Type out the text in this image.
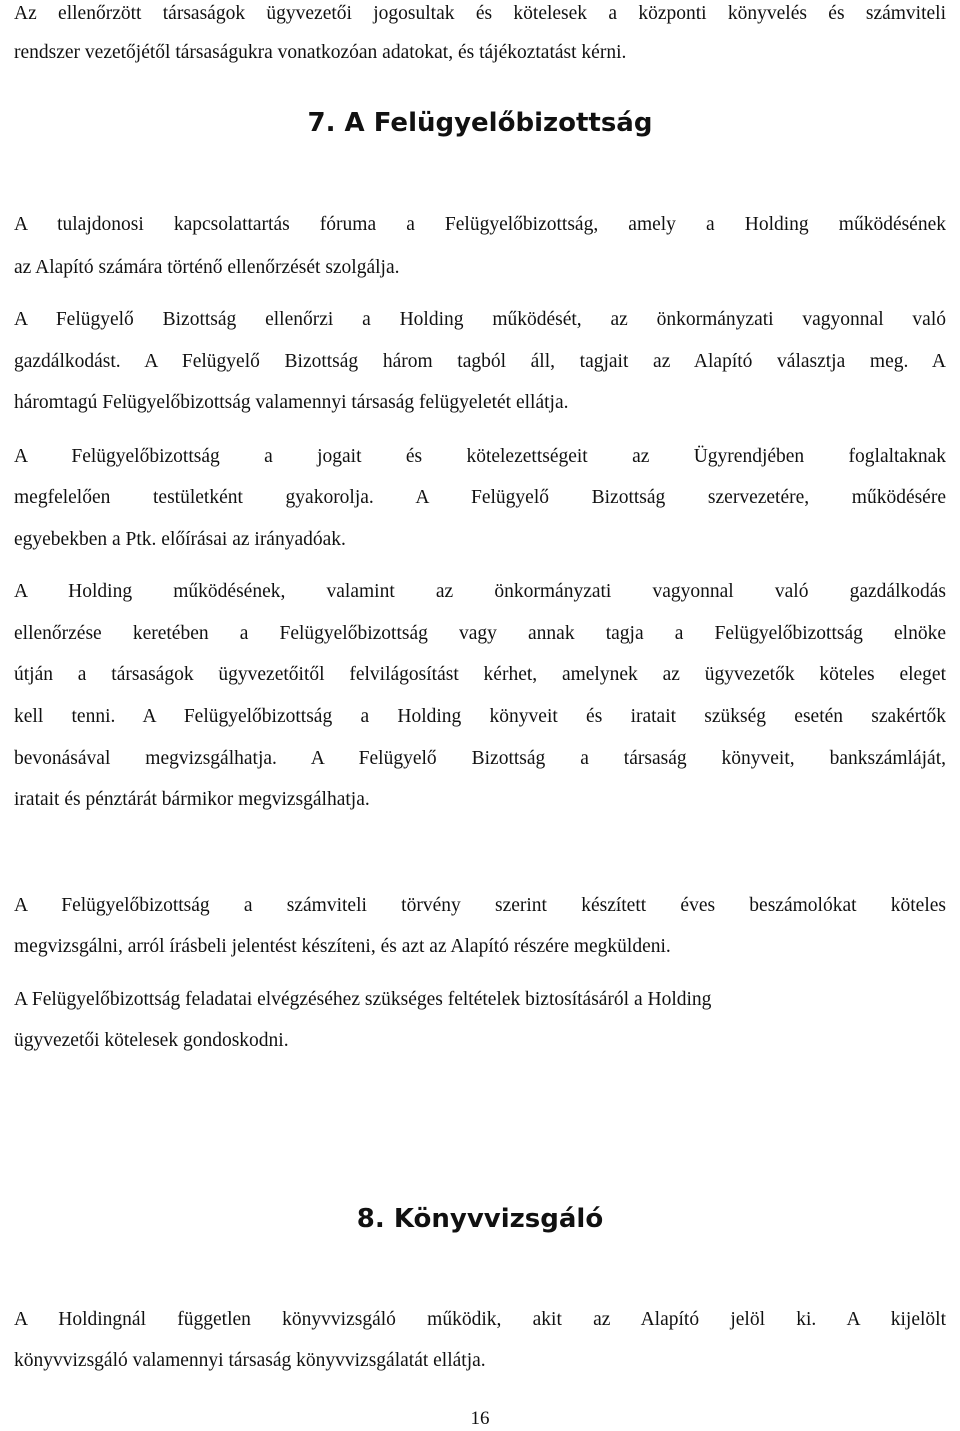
Az ellenőrzött társaságok ügyvezetői jogosultak és kötelesek a központi könyvelés és számviteli
rendszer vezetőjétől társaságukra vonatkozóan adatokat, és tájékoztatást kérni.
7. A Felügyelőbizottság
A tulajdonosi kapcsolattartás fóruma a Felügyelőbizottság, amely a Holding működésének
az Alapító számára történő ellenőrzését szolgálja.
A Felügyelő Bizottság ellenőrzi a Holding működését, az önkormányzati vagyonnal való
gazdálkodást. A Felügyelő Bizottság három tagból áll, tagjait az Alapító választja meg. A
háromtagú Felügyelőbizottság valamennyi társaság felügyeletét ellátja.
A Felügyelőbizottság a jogait és kötelezettségeit az Ügyrendjében foglaltaknak
megfelelően testületként gyakorolja. A Felügyelő Bizottság szervezetére, működésére
egyebekben a Ptk. előírásai az irányadóak.
A Holding működésének, valamint az önkormányzati vagyonnal való gazdálkodás
ellenőrzése keretében a Felügyelőbizottság vagy annak tagja a Felügyelőbizottság elnöke
útján a társaságok ügyvezetőitől felvilágosítást kérhet, amelynek az ügyvezetők köteles eleget
kell tenni. A Felügyelőbizottság a Holding könyveit és iratait szükség esetén szakértők
bevonásával megvizsgálhatja. A Felügyelő Bizottság a társaság könyveit, bankszámláját,
iratait és pénztárát bármikor megvizsgálhatja.
A Felügyelőbizottság a számviteli törvény szerint készített éves beszámolókat köteles
megvizsgálni, arról írásbeli jelentést készíteni, és azt az Alapító részére megküldeni.
A Felügyelőbizottság feladatai elvégzéséhez szükséges feltételek biztosításáról a Holding
ügyvezetői kötelesek gondoskodni.
8. Könyvvizsgáló
A Holdingnál független könyvvizsgáló működik, akit az Alapító jelöl ki. A kijelölt
könyvvizsgáló valamennyi társaság könyvvizsgálatát ellátja.
16
